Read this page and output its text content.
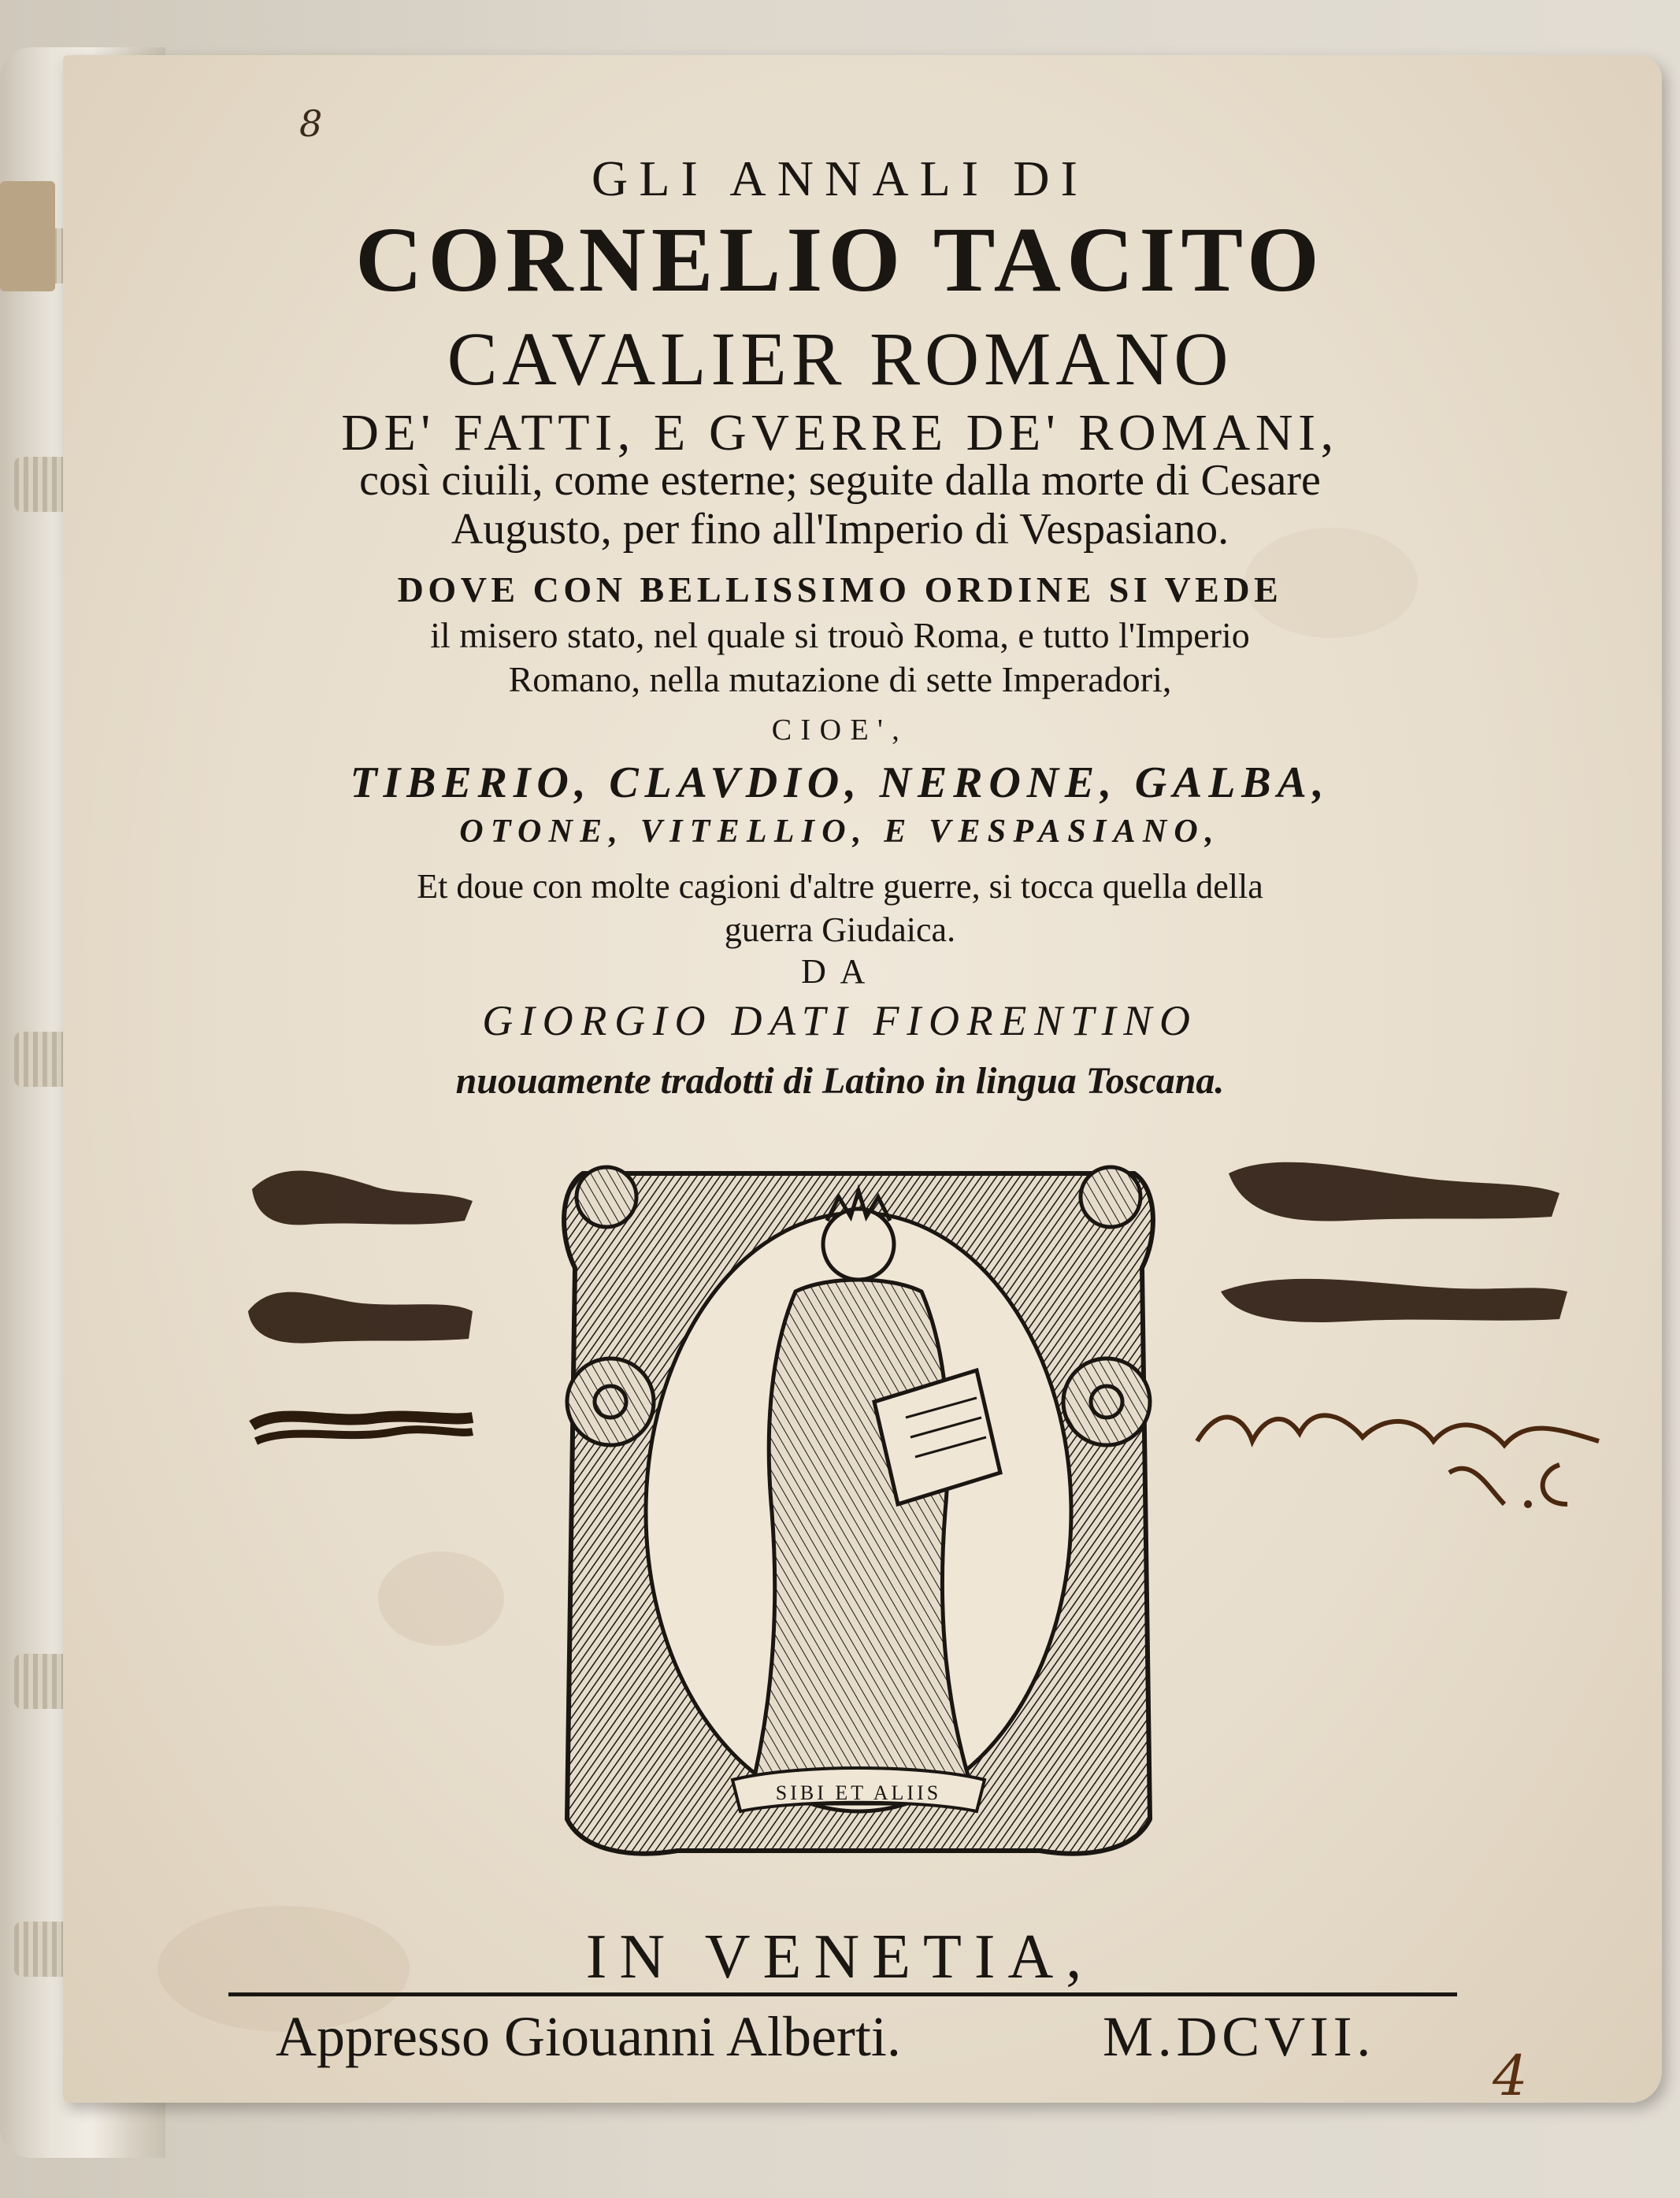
8
GLI ANNALI DI
CORNELIO TACITO
CAVALIER ROMANO
DE' FATTI, E GVERRE DE' ROMANI,
così ciuili, come esterne; seguite dalla morte di Cesare
Augusto, per fino all'Imperio di Vespasiano.
DOVE CON BELLISSIMO ORDINE SI VEDE
il misero stato, nel quale si trouò Roma, e tutto l'Imperio
Romano, nella mutazione di sette Imperadori,
CIOE',
TIBERIO, CLAVDIO, NERONE, GALBA,
OTONE, VITELLIO, E VESPASIANO,
Et doue con molte cagioni d'altre guerre, si tocca quella della
guerra Giudaica.
DA
GIORGIO DATI FIORENTINO
nuouamente tradotti di Latino in lingua Toscana.
SIBI ET ALIIS
IN VENETIA,
Appresso Giouanni Alberti.	M.DCVII.
4
